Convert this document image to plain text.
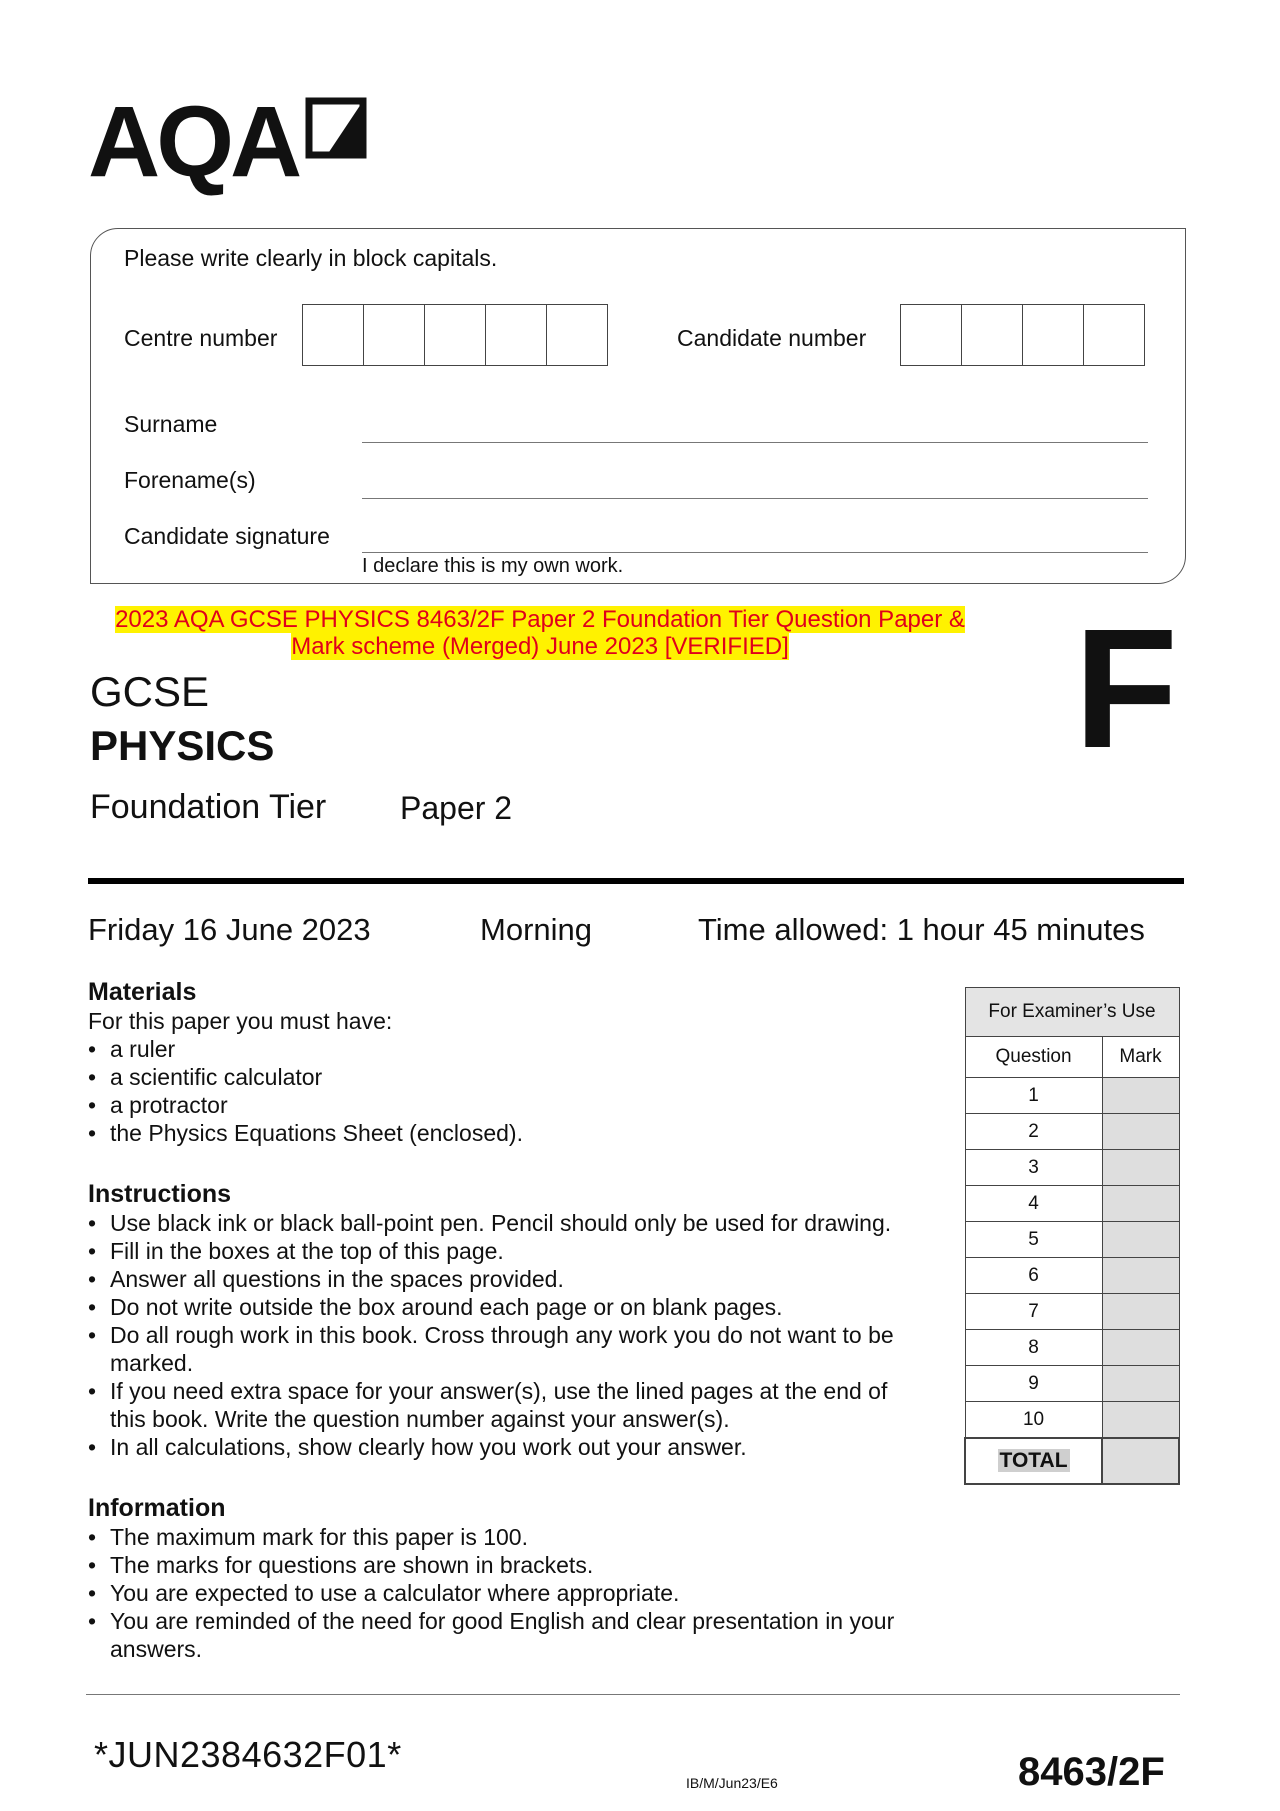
AQA
Please write clearly in block capitals.
Centre number	Candidate number
Surname
Forename(s)
Candidate signature
I declare this is my own work.
2023 AQA GCSE PHYSICS 8463/2F Paper 2 Foundation Tier Question Paper &
Mark scheme (Merged) June 2023 [VERIFIED]	F
GCSE
PHYSICS
Foundation Tier Paper 2
Friday 16 June 2023	Morning	Time allowed: 1 hour 45 minutes
Materials
For this paper you must have:
• a ruler
• a scientific calculator
• a protractor
• the Physics Equations Sheet (enclosed).
Instructions
• Use black ink or black ball-point pen. Pencil should only be used for drawing.
• Fill in the boxes at the top of this page.
• Answer all questions in the spaces provided.
• Do not write outside the box around each page or on blank pages.
• Do all rough work in this book. Cross through any work you do not want to be marked.
• If you need extra space for your answer(s), use the lined pages at the end of this book. Write the question number against your answer(s).
• In all calculations, show clearly how you work out your answer.
Information
• The maximum mark for this paper is 100.
• The marks for questions are shown in brackets.
• You are expected to use a calculator where appropriate.
• You are reminded of the need for good English and clear presentation in your answers.
For Examiner’s Use	
Question	Mark
1	
2	
3	
4	
5	
6	
7	
8	
9	
10	
TOTAL	
*JUN2384632F01*
IB/M/Jun23/E6	8463/2F
